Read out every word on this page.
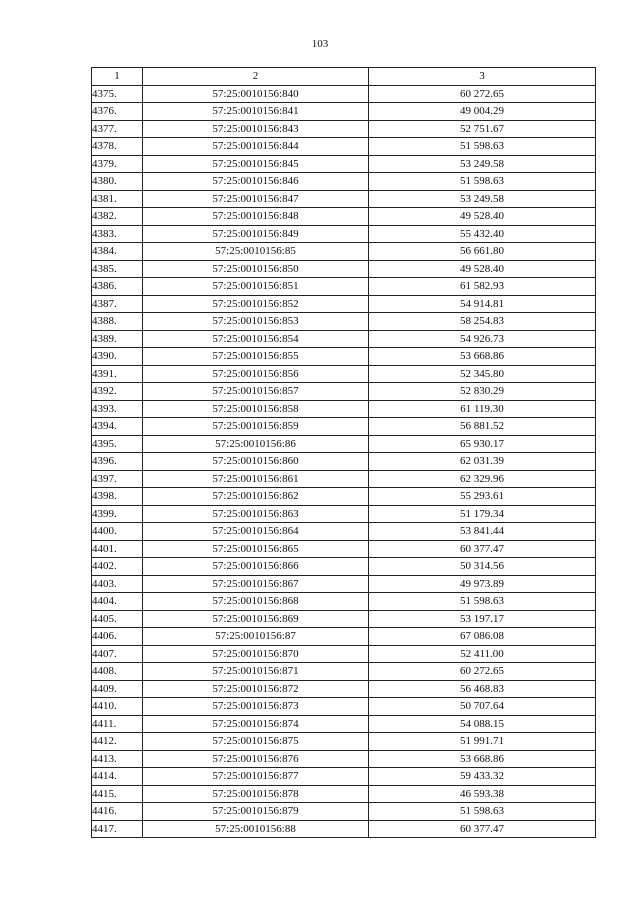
103
1	2	3
4375.	57:25:0010156:840	60 272.65
4376.	57:25:0010156:841	49 004.29
4377.	57:25:0010156:843	52 751.67
4378.	57:25:0010156:844	51 598.63
4379.	57:25:0010156:845	53 249.58
4380.	57:25:0010156:846	51 598.63
4381.	57:25:0010156:847	53 249.58
4382.	57:25:0010156:848	49 528.40
4383.	57:25:0010156:849	55 432.40
4384.	57:25:0010156:85	56 661.80
4385.	57:25:0010156:850	49 528.40
4386.	57:25:0010156:851	61 582.93
4387.	57:25:0010156:852	54 914.81
4388.	57:25:0010156:853	58 254.83
4389.	57:25:0010156:854	54 926.73
4390.	57:25:0010156:855	53 668.86
4391.	57:25:0010156:856	52 345.80
4392.	57:25:0010156:857	52 830.29
4393.	57:25:0010156:858	61 119.30
4394.	57:25:0010156:859	56 881.52
4395.	57:25:0010156:86	65 930.17
4396.	57:25:0010156:860	62 031.39
4397.	57:25:0010156:861	62 329.96
4398.	57:25:0010156:862	55 293.61
4399.	57:25:0010156:863	51 179.34
4400.	57:25:0010156:864	53 841.44
4401.	57:25:0010156:865	60 377.47
4402.	57:25:0010156:866	50 314.56
4403.	57:25:0010156:867	49 973.89
4404.	57:25:0010156:868	51 598.63
4405.	57:25:0010156:869	53 197.17
4406.	57:25:0010156:87	67 086.08
4407.	57:25:0010156:870	52 411.00
4408.	57:25:0010156:871	60 272.65
4409.	57:25:0010156:872	56 468.83
4410.	57:25:0010156:873	50 707.64
4411.	57:25:0010156:874	54 088.15
4412.	57:25:0010156:875	51 991.71
4413.	57:25:0010156:876	53 668.86
4414.	57:25:0010156:877	59 433.32
4415.	57:25:0010156:878	46 593.38
4416.	57:25:0010156:879	51 598.63
4417.	57:25:0010156:88	60 377.47
